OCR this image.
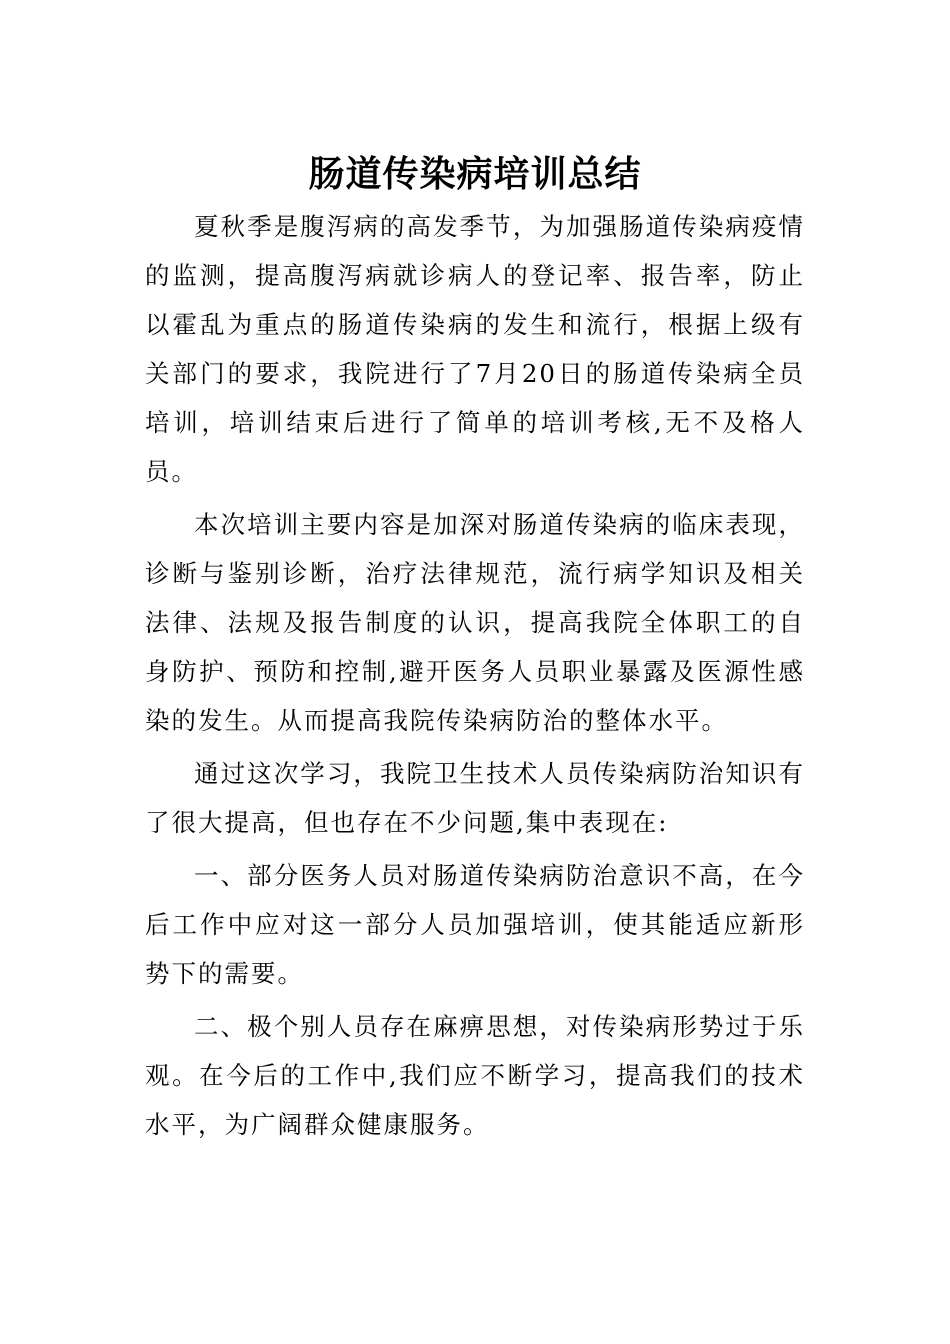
肠道传染病培训总结

夏秋季是腹泻病的高发季节，为加强肠道传染病疫情的监测，提高腹泻病就诊病人的登记率、报告率，防止以霍乱为重点的肠道传染病的发生和流行，根据上级有关部门的要求，我院进行了7月20日的肠道传染病全员培训，培训结束后进行了简单的培训考核,无不及格人员。

本次培训主要内容是加深对肠道传染病的临床表现，诊断与鉴别诊断，治疗法律规范，流行病学知识及相关法律、法规及报告制度的认识，提高我院全体职工的自身防护、预防和控制,避开医务人员职业暴露及医源性感染的发生。从而提高我院传染病防治的整体水平。

通过这次学习，我院卫生技术人员传染病防治知识有了很大提高，但也存在不少问题,集中表现在:

一、部分医务人员对肠道传染病防治意识不高，在今后工作中应对这一部分人员加强培训，使其能适应新形势下的需要。

二、极个别人员存在麻痹思想，对传染病形势过于乐观。在今后的工作中,我们应不断学习，提高我们的技术水平，为广阔群众健康服务。
